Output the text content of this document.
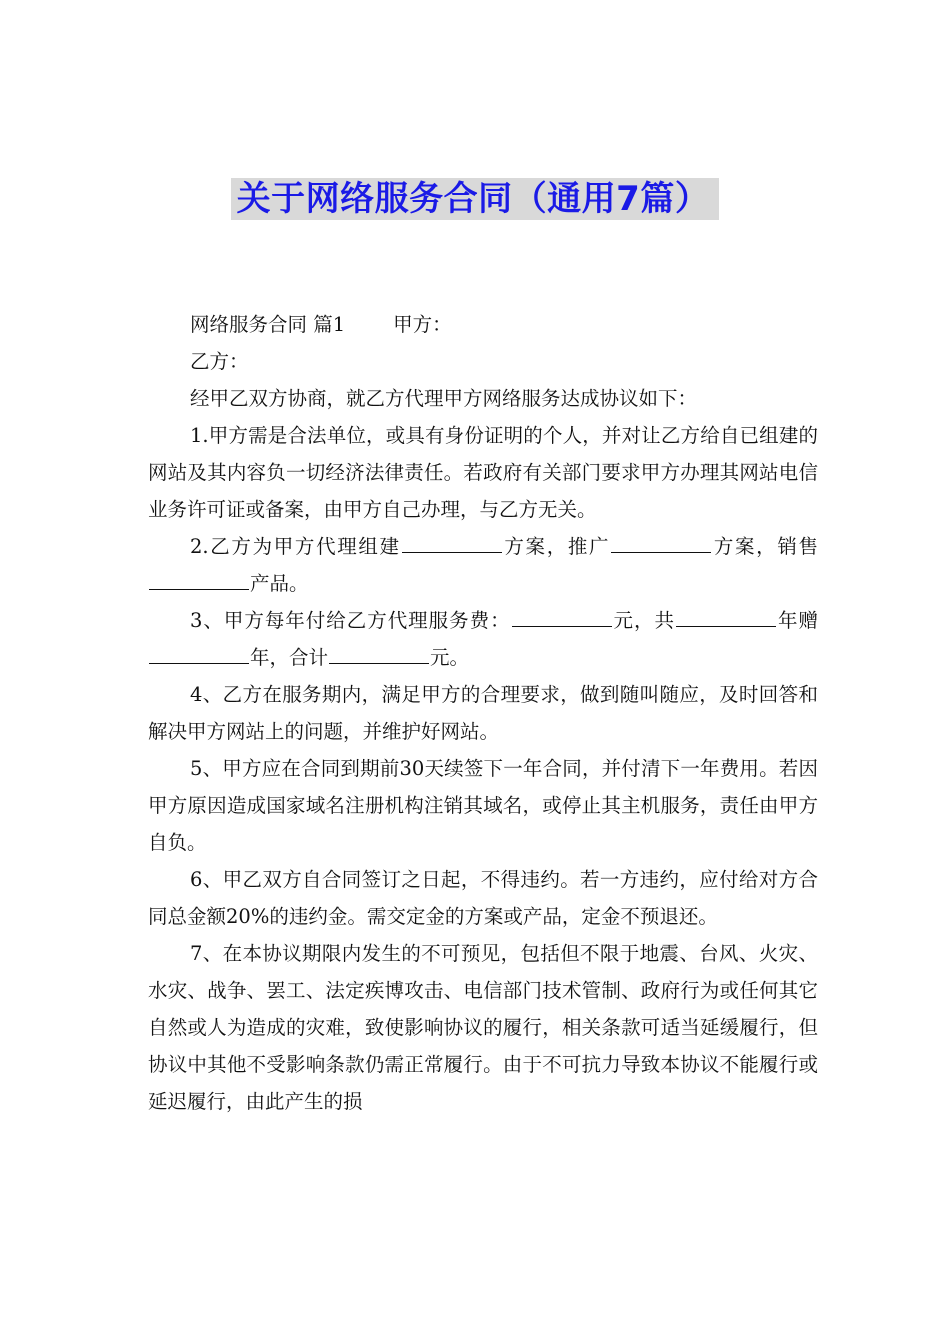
关于网络服务合同（通用7篇）

网络服务合同 篇1 甲方：

乙方：

经甲乙双方协商，就乙方代理甲方网络服务达成协议如下：

1.甲方需是合法单位，或具有身份证明的个人，并对让乙方给自已组建的网站及其内容负一切经济法律责任。若政府有关部门要求甲方办理其网站电信业务许可证或备案，由甲方自己办理，与乙方无关。

2.乙方为甲方代理组建	方案，推广	方案，销售产品。

3、甲方每年付给乙方代理服务费：	元，共	年赠年，合计	元。

4、乙方在服务期内，满足甲方的合理要求，做到随叫随应，及时回答和解决甲方网站上的问题，并维护好网站。

5、甲方应在合同到期前30天续签下一年合同，并付清下一年费用。若因甲方原因造成国家域名注册机构注销其域名，或停止其主机服务，责任由甲方自负。

6、甲乙双方自合同签订之日起，不得违约。若一方违约，应付给对方合同总金额20%的违约金。需交定金的方案或产品，定金不预退还。

7、在本协议期限内发生的不可预见，包括但不限于地震、台风、火灾、水灾、战争、罢工、法定疾博攻击、电信部门技术管制、政府行为或任何其它自然或人为造成的灾难，致使影响协议的履行，相关条款可适当延缓履行，但协议中其他不受影响条款仍需正常履行。由于不可抗力导致本协议不能履行或延迟履行，由此产生的损
